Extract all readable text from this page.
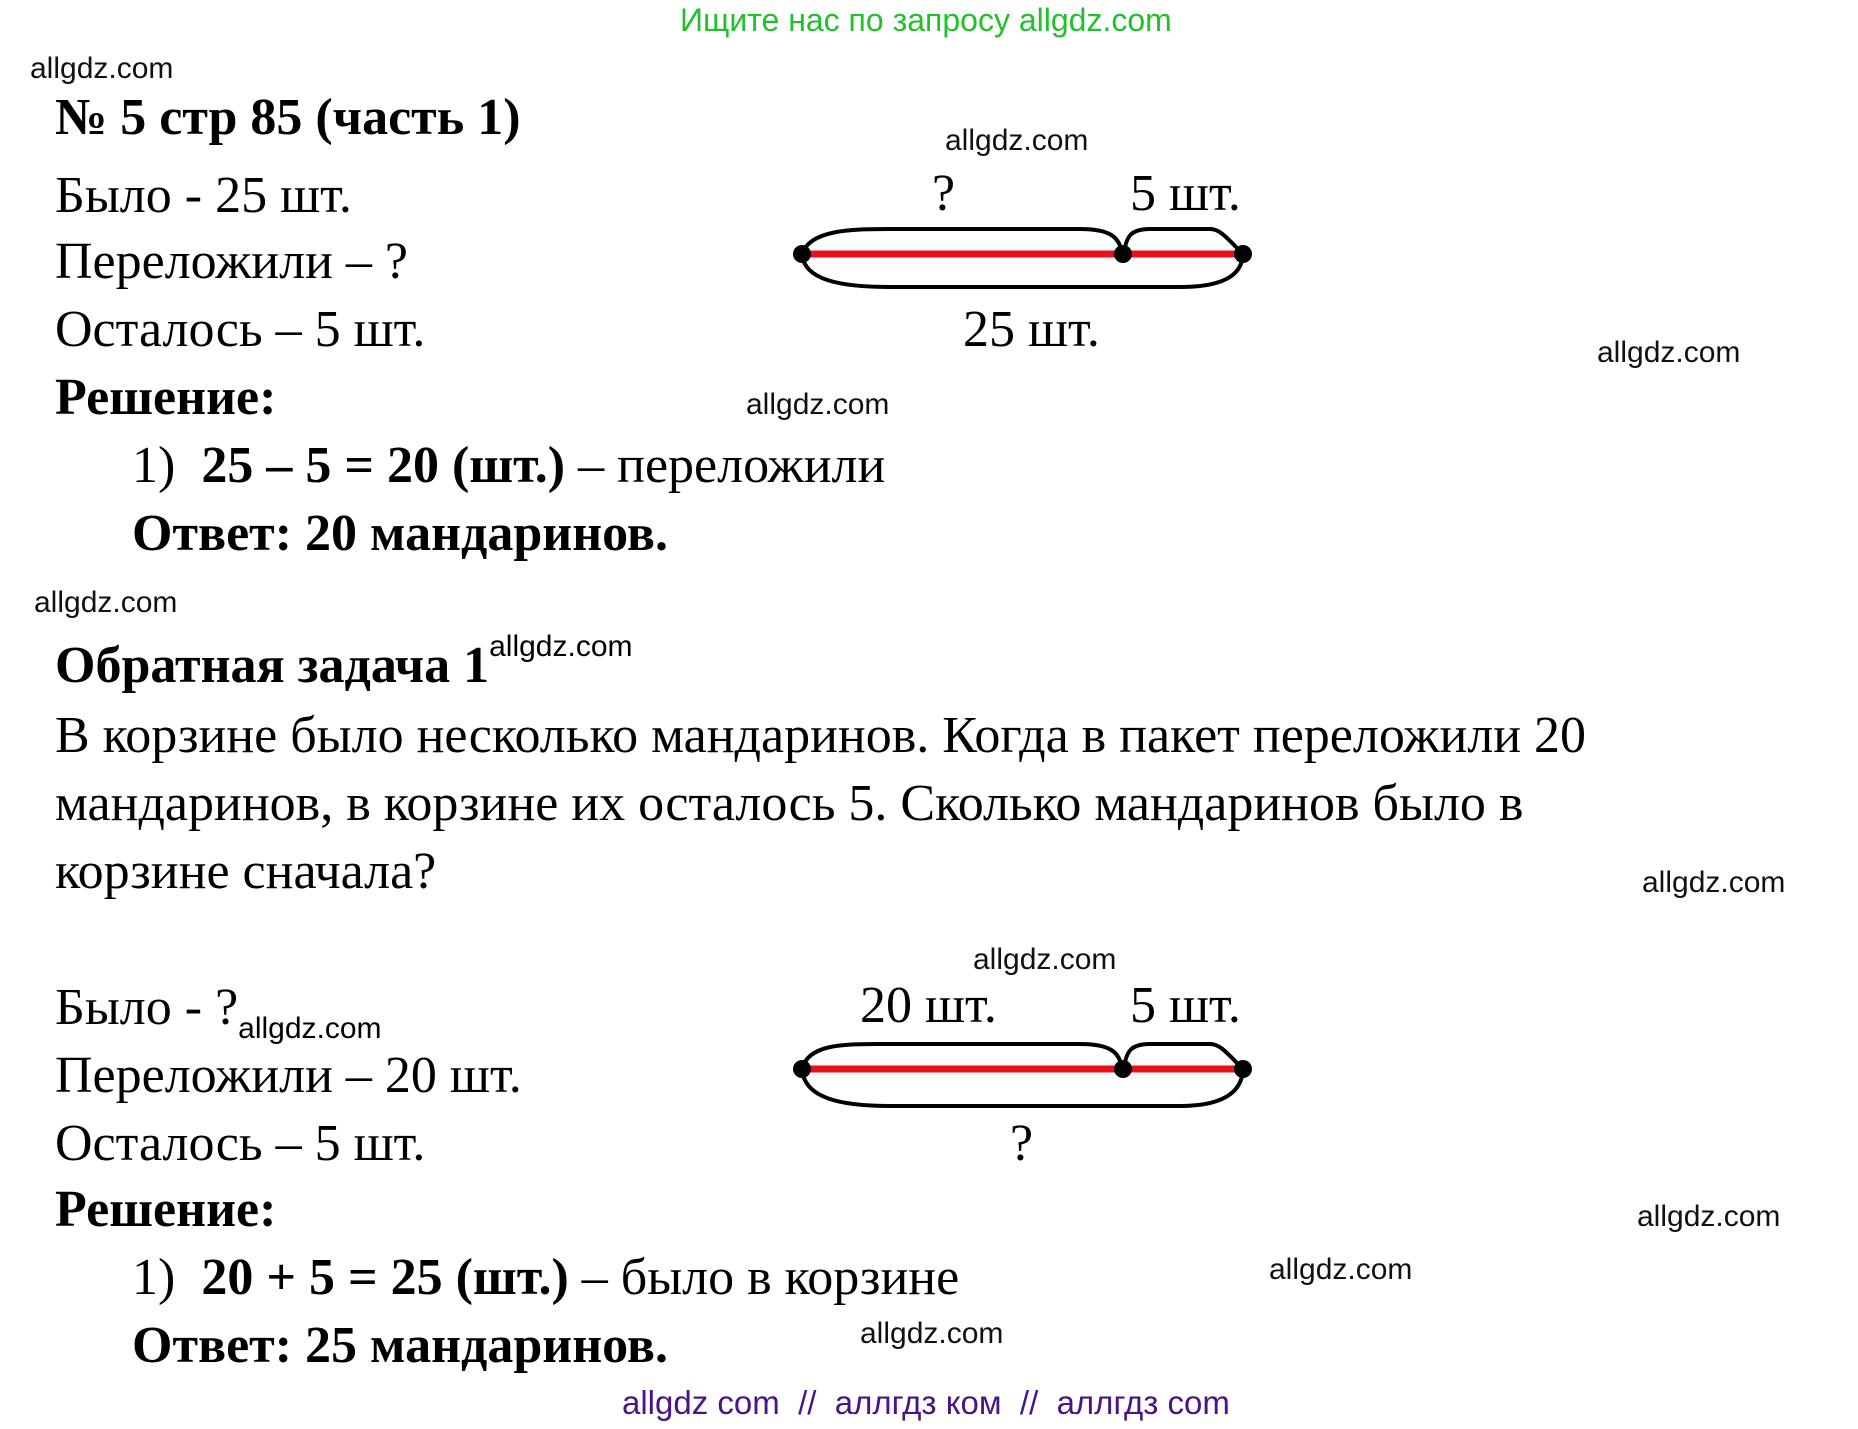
Ищите нас по запросу allgdz.com
allgdz.com
allgdz.com
allgdz.com
allgdz.com
allgdz.com
allgdz.com
allgdz.com
allgdz.com
allgdz.com
allgdz.com
№ 5 стр 85 (часть 1)
Было - 25 шт.
Переложили – ?
Осталось – 5 шт.
Решение:
1) 25 – 5 = 20 (шт.) – переложили
Ответ: 20 мандаринов.
?	5 шт.
25 шт.
Обратная задача $1^{allgdz.com}$
В корзине было несколько мандаринов. Когда в пакет переложили 20
мандаринов, в корзине их осталось 5. Сколько мандаринов было в
корзине сначала?
Было - $?_{allgdz.com}$
Переложили – 20 шт.
Осталось – 5 шт.
Решение:
1) 20 + 5 = 25 (шт.) – было в корзине
Ответ: 25 мандаринов.
20 шт.	5 шт.
?
allgdz com  //  аллгдз ком  //  аллгдз com
